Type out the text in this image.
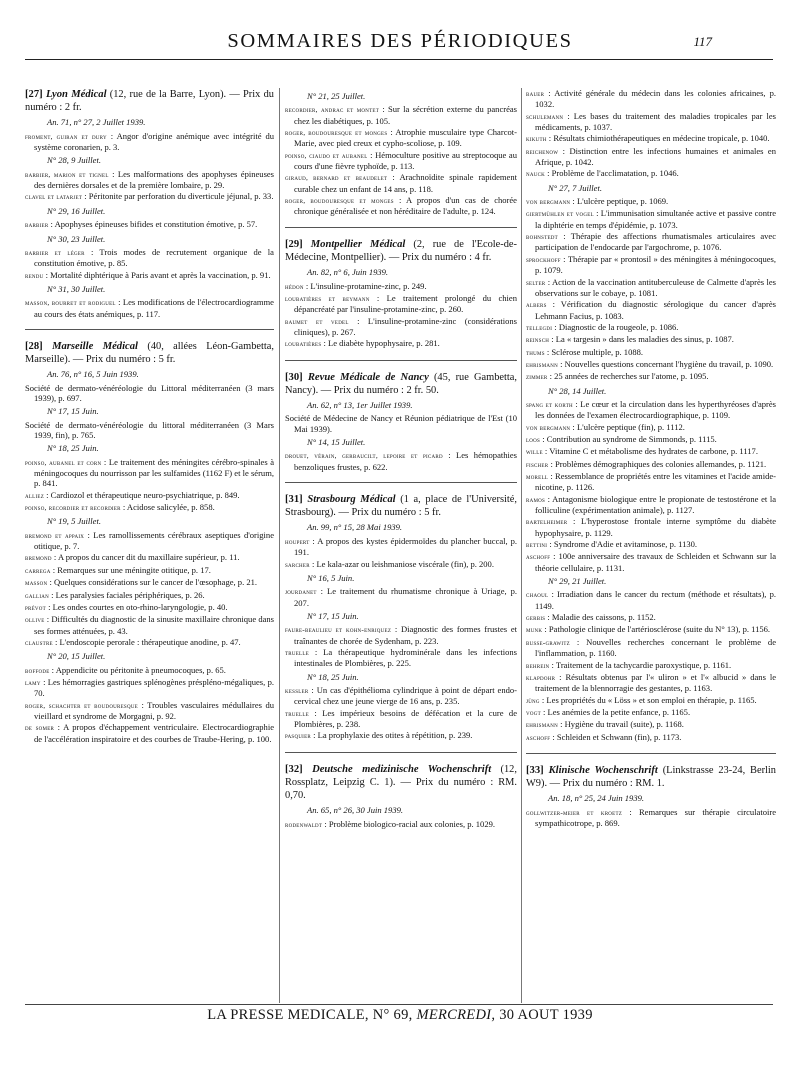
SOMMAIRES DES PÉRIODIQUES	117

[27] Lyon Médical (12, rue de la Barre, Lyon). — Prix du numéro : 2 fr.

An. 71, n° 27, 2 Juillet 1939.
froment, guiran et dury : Angor d'origine anémique avec intégrité du système coronarien, p. 3.
N° 28, 9 Juillet.
barbier, marion et tignel : Les malformations des apophyses épineuses des dernières dorsales et de la première lombaire, p. 29.
clavel et latarjet : Péritonite par perforation du diverticule jéjunal, p. 33.
N° 29, 16 Juillet.
barbier : Apophyses épineuses bifides et constitution émotive, p. 57.
N° 30, 23 Juillet.
barbier et léger : Trois modes de recrutement organique de la constitution émotive, p. 85.
rendu : Mortalité diphtérique à Paris avant et après la vaccination, p. 91.
N° 31, 30 Juillet.
masson, bourret et rodiguel : Les modifications de l'électrocardiogramme au cours des états anémiques, p. 117.

[28] Marseille Médical (40, allées Léon-Gambetta, Marseille). — Prix du numéro : 5 fr.

An. 76, n° 16, 5 Juin 1939.
Société de dermato-vénéréologie du Littoral méditerranéen (3 mars 1939), p. 697.
N° 17, 15 Juin.
Société de dermato-vénéréologie du littoral méditerranéen (3 Mars 1939, fin), p. 765.
N° 18, 25 Juin.
poinso, aubanel et corn : Le traitement des méningites cérébro-spinales à méningocoques du nourrisson par les sulfamides (1162 F) et le sérum, p. 841.
alliez : Cardiozol et thérapeutique neuro-psychiatrique, p. 849.
poinso, recordier et recordier : Acidose salicylée, p. 858.
N° 19, 5 Juillet.
bremond et appaix : Les ramollissements cérébraux aseptiques d'origine otitique, p. 7.
bremond : A propos du cancer dit du maxillaire supérieur, p. 11.
carrega : Remarques sur une méningite otitique, p. 17.
masson : Quelques considérations sur le cancer de l'œsophage, p. 21.
gallian : Les paralysies faciales périphériques, p. 26.
prévot : Les ondes courtes en oto-rhino-laryngologie, p. 40.
ollive : Difficultés du diagnostic de la sinusite maxillaire chronique dans ses formes atténuées, p. 43.
claustre : L'endoscopie perorale : thérapeutique anodine, p. 47.
N° 20, 15 Juillet.
boffode : Appendicite ou péritonite à pneumocoques, p. 65.
lamy : Les hémorragies gastriques splénogènes préspléno-mégaliques, p. 70.
roger, schachter et boudouresque : Troubles vasculaires médullaires du vieillard et syndrome de Morgagni, p. 92.
de somer : A propos d'échappement ventriculaire. Electrocardiographie de l'accélération inspiratoire et des courbes de Traube-Hering, p. 100.
N° 21, 25 Juillet.
recordier, andrac et montet : Sur la sécrétion externe du pancréas chez les diabétiques, p. 105.
roger, boudouresque et monges : Atrophie musculaire type Charcot-Marie, avec pied creux et cypho-scoliose, p. 109.
poinso, ciaudo et aubanel : Hémoculture positive au streptocoque au cours d'une fièvre typhoïde, p. 113.
giraud, bernard et beaudelet : Arachnoïdite spinale rapidement curable chez un enfant de 14 ans, p. 118.
roger, boudouresque et monges : A propos d'un cas de chorée chronique généralisée et non héréditaire de l'adulte, p. 124.

[29] Montpellier Médical (2, rue de l'Ecole-de-Médecine, Montpellier). — Prix du numéro : 4 fr.

An. 82, n° 6, Juin 1939.
hédon : L'insuline-protamine-zinc, p. 249.
loubatières et beymann : Le traitement prolongé du chien dépancréaté par l'insuline-protamine-zinc, p. 260.
baumet et vedel : L'insuline-protamine-zinc (considérations cliniques), p. 267.
loubatières : Le diabète hypophysaire, p. 281.

[30] Revue Médicale de Nancy (45, rue Gambetta, Nancy). — Prix du numéro : 2 fr. 50.

An. 62, n° 13, 1er Juillet 1939.
Société de Médecine de Nancy et Réunion pédiatrique de l'Est (10 Mai 1939).
N° 14, 15 Juillet.
drouet, vérain, gerbaucilt, lepoire et picard : Les hémopathies benzoliques frustes, p. 622.

[31] Strasbourg Médical (1 a, place de l'Université, Strasbourg). — Prix du numéro : 5 fr.

An. 99, n° 15, 28 Mai 1939.
houpert : A propos des kystes épidermoïdes du plancher buccal, p. 191.
sarcher : Le kala-azar ou leishmaniose viscérale (fin), p. 200.
N° 16, 5 Juin.
jourdanet : Le traitement du rhumatisme chronique à Uriage, p. 207.
N° 17, 15 Juin.
faure-beaulieu et kohn-enriquez : Diagnostic des formes frustes et traînantes de chorée de Sydenham, p. 223.
truelle : La thérapeutique hydrominérale dans les infections intestinales de Plombières, p. 225.
N° 18, 25 Juin.
kessler : Un cas d'épithélioma cylindrique à point de départ endo-cervical chez une jeune vierge de 16 ans, p. 235.
truelle : Les impérieux besoins de défécation et la cure de Plombières, p. 238.
pasquier : La prophylaxie des otites à répétition, p. 239.

[32] Deutsche medizinische Wochenschrift (12, Rossplatz, Leipzig C. 1). — Prix du numéro : RM. 0,70.

An. 65, n° 26, 30 Juin 1939.
rodenwaldt : Problème biologico-racial aux colonies, p. 1029.
bauer : Activité générale du médecin dans les colonies africaines, p. 1032.
schulemann : Les bases du traitement des maladies tropicales par les médicaments, p. 1037.
kikuth : Résultats chimiothérapeutiques en médecine tropicale, p. 1040.
reichenow : Distinction entre les infections humaines et animales en Afrique, p. 1042.
nauck : Problème de l'acclimatation, p. 1046.
N° 27, 7 Juillet.
von bergmann : L'ulcère peptique, p. 1069.
giertmühlen et vogel : L'immunisation simultanée active et passive contre la diphtérie en temps d'épidémie, p. 1073.
bohnstedt : Thérapie des affections rhumatismales articulaires avec participation de l'endocarde par l'argochrome, p. 1076.
sprockhoff : Thérapie par « prontosil » des méningites à méningocoques, p. 1079.
selter : Action de la vaccination antituberculeuse de Calmette d'après les observations sur le cobaye, p. 1081.
albers : Vérification du diagnostic sérologique du cancer d'après Lehmann Facius, p. 1083.
tellegdi : Diagnostic de la rougeole, p. 1086.
reinsch : La « targesin » dans les maladies des sinus, p. 1087.
thums : Sclérose multiple, p. 1088.
ehrismann : Nouvelles questions concernant l'hygiène du travail, p. 1090.
zimmer : 25 années de recherches sur l'atome, p. 1095.
N° 28, 14 Juillet.
spang et korth : Le cœur et la circulation dans les hyperthyréoses d'après les données de l'examen électrocardiographique, p. 1109.
von bergmann : L'ulcère peptique (fin), p. 1112.
loos : Contribution au syndrome de Simmonds, p. 1115.
wille : Vitamine C et métabolisme des hydrates de carbone, p. 1117.
fischer : Problèmes démographiques des colonies allemandes, p. 1121.
morell : Ressemblance de propriétés entre les vitamines et l'acide amide-nicotine, p. 1126.
ramos : Antagonisme biologique entre le propionate de testostérone et la folliculine (expérimentation animale), p. 1127.
bartelheimer : L'hyperostose frontale interne symptôme du diabète hypophysaire, p. 1129.
bettini : Syndrome d'Adie et avitaminose, p. 1130.
aschoff : 100e anniversaire des travaux de Schleiden et Schwann sur la théorie cellulaire, p. 1131.
N° 29, 21 Juillet.
chaoul : Irradiation dans le cancer du rectum (méthode et résultats), p. 1149.
gerbis : Maladie des caissons, p. 1152.
munk : Pathologie clinique de l'artériosclérose (suite du N° 13), p. 1156.
busse-grawitz : Nouvelles recherches concernant le problème de l'inflammation, p. 1160.
behrein : Traitement de la tachycardie paroxystique, p. 1161.
klapdohr : Résultats obtenus par l'« uliron » et l'« albucid » dans le traitement de la blennorragie des gestantes, p. 1163.
jüng : Les propriétés du « Löss » et son emploi en thérapie, p. 1165.
vogt : Les anémies de la petite enfance, p. 1165.
ehrismann : Hygiène du travail (suite), p. 1168.
aschoff : Schleiden et Schwann (fin), p. 1173.

[33] Klinische Wochenschrift (Linkstrasse 23-24, Berlin W9). — Prix du numéro : RM. 1.

An. 18, n° 25, 24 Juin 1939.
gollwitzer-meier et kroetz : Remarques sur thérapie circulatoire sympathicotrope, p. 869.
LA PRESSE MEDICALE, N° 69, MERCREDI, 30 AOUT 1939
